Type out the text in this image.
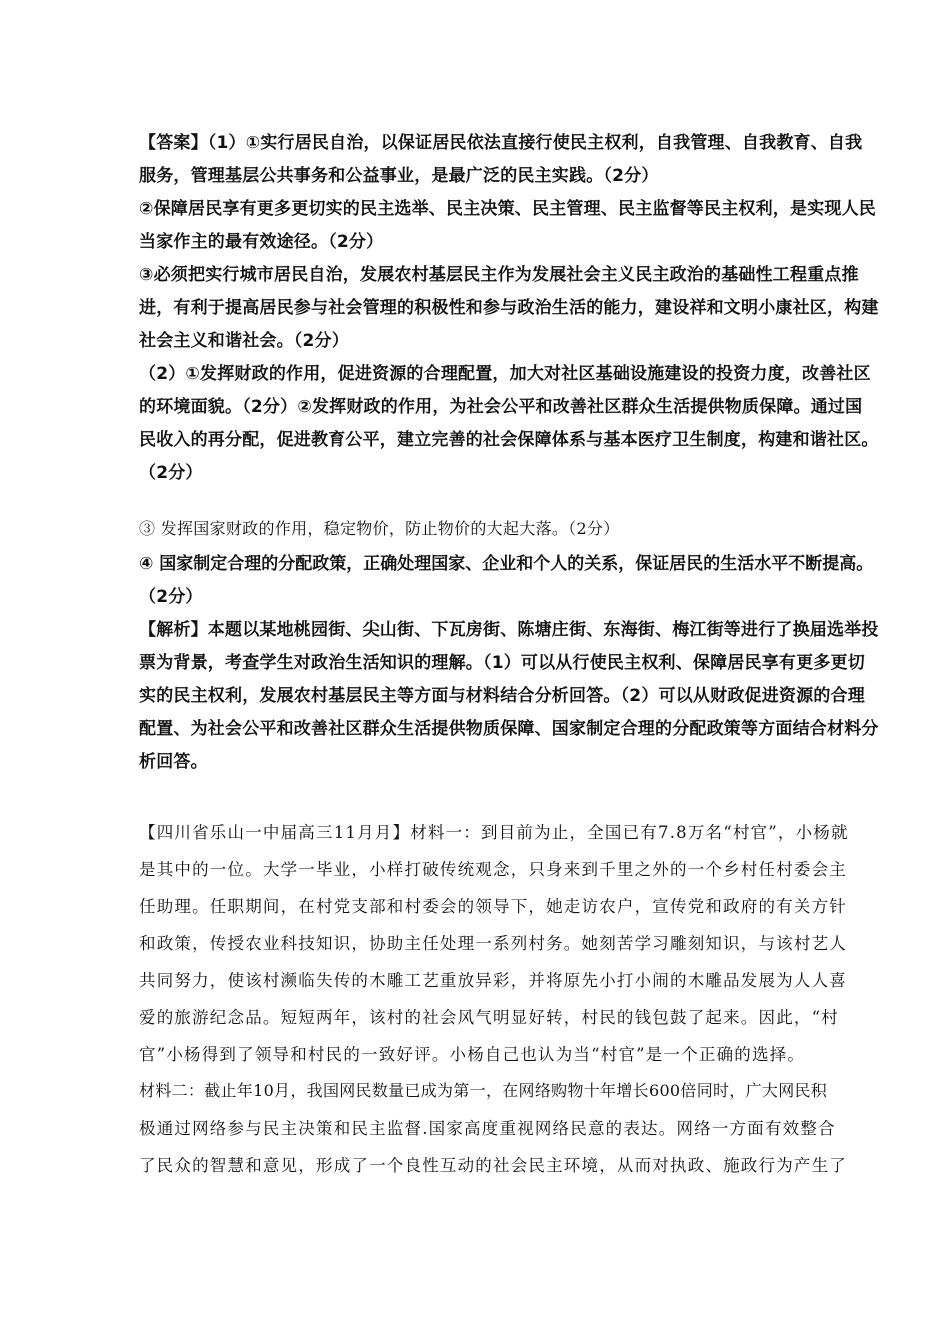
【答案】（1）①实行居民自治，以保证居民依法直接行使民主权利，自我管理、自我教育、自我
服务，管理基层公共事务和公益事业，是最广泛的民主实践。（2分）
②保障居民享有更多更切实的民主选举、民主决策、民主管理、民主监督等民主权利，是实现人民
当家作主的最有效途径。（2分）
③必须把实行城市居民自治，发展农村基层民主作为发展社会主义民主政治的基础性工程重点推
进，有利于提高居民参与社会管理的积极性和参与政治生活的能力，建设祥和文明小康社区，构建
社会主义和谐社会。（2分）
（2）①发挥财政的作用，促进资源的合理配置，加大对社区基础设施建设的投资力度，改善社区
的环境面貌。（2分）②发挥财政的作用，为社会公平和改善社区群众生活提供物质保障。通过国
民收入的再分配，促进教育公平，建立完善的社会保障体系与基本医疗卫生制度，构建和谐社区。
（2分）
③ 发挥国家财政的作用，稳定物价，防止物价的大起大落。（2分）
④ 国家制定合理的分配政策，正确处理国家、企业和个人的关系，保证居民的生活水平不断提高。
（2分）
【解析】本题以某地桃园街、尖山街、下瓦房街、陈塘庄街、东海街、梅江街等进行了换届选举投
票为背景，考查学生对政治生活知识的理解。（1）可以从行使民主权利、保障居民享有更多更切
实的民主权利，发展农村基层民主等方面与材料结合分析回答。（2）可以从财政促进资源的合理
配置、为社会公平和改善社区群众生活提供物质保障、国家制定合理的分配政策等方面结合材料分
析回答。
【四川省乐山一中届高三11月月】材料一：到目前为止，全国已有7.8万名“村官”，小杨就
是其中的一位。大学一毕业，小样打破传统观念，只身来到千里之外的一个乡村任村委会主
任助理。任职期间，在村党支部和村委会的领导下，她走访农户，宣传党和政府的有关方针
和政策，传授农业科技知识，协助主任处理一系列村务。她刻苦学习雕刻知识，与该村艺人
共同努力，使该村濒临失传的木雕工艺重放异彩，并将原先小打小闹的木雕品发展为人人喜
爱的旅游纪念品。短短两年，该村的社会风气明显好转，村民的钱包鼓了起来。因此，“村
官”小杨得到了领导和村民的一致好评。小杨自己也认为当“村官”是一个正确的选择。
材料二：截止年10月，我国网民数量已成为第一，在网络购物十年增长600倍同时，广大网民积
极通过网络参与民主决策和民主监督.国家高度重视网络民意的表达。网络一方面有效整合
了民众的智慧和意见，形成了一个良性互动的社会民主环境，从而对执政、施政行为产生了
